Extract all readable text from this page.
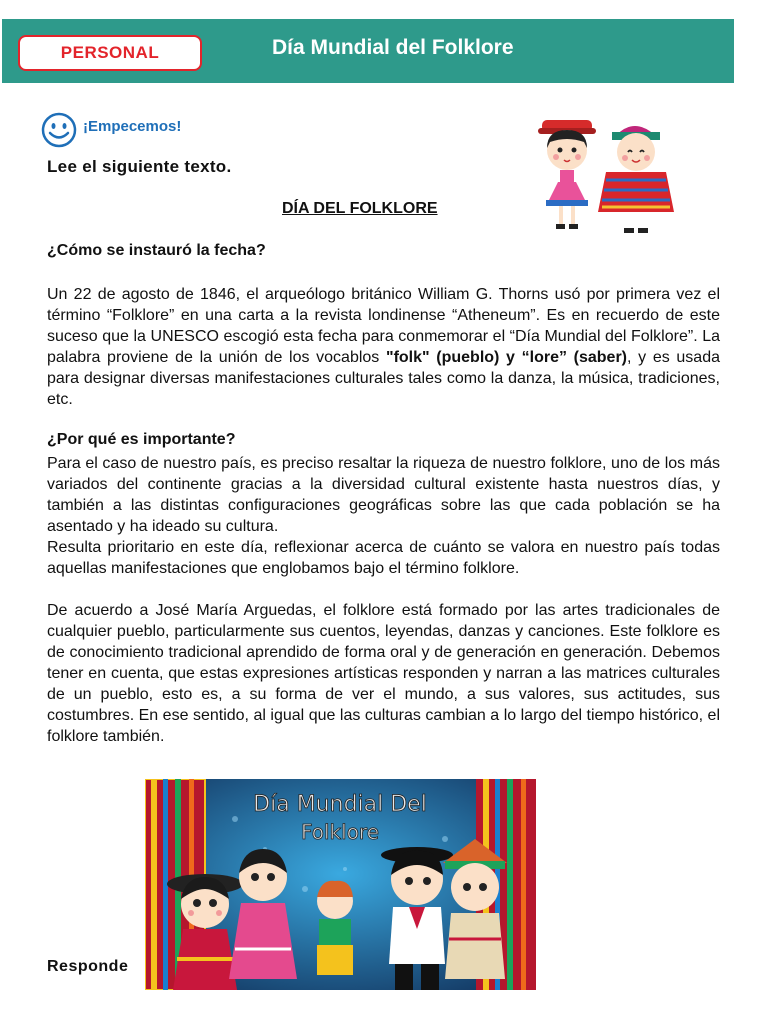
PERSONAL	Día Mundial del Folklore
¡Empecemos!
Lee el siguiente texto.
DÍA DEL FOLKLORE
¿Cómo se instauró la fecha?
Un 22 de agosto de 1846, el arqueólogo británico William G. Thorns usó por primera vez el término “Folklore” en una carta a la revista londinense “Atheneum”. Es en recuerdo de este suceso que la UNESCO escogió esta fecha para conmemorar el “Día Mundial del Folklore”. La palabra proviene de la unión de los vocablos "folk" (pueblo) y “lore” (saber), y es usada para designar diversas manifestaciones culturales tales como la danza, la música, tradiciones, etc.
¿Por qué es importante?
Para el caso de nuestro país, es preciso resaltar la riqueza de nuestro folklore, uno de los más variados del continente gracias a la diversidad cultural existente hasta nuestros días, y también a las distintas configuraciones geográficas sobre las que cada población se ha asentado y ha ideado su cultura.
Resulta prioritario en este día, reflexionar acerca de cuánto se valora en nuestro país todas aquellas manifestaciones que englobamos bajo el término folklore.
De acuerdo a José María Arguedas, el folklore está formado por las artes tradicionales de cualquier pueblo, particularmente sus cuentos, leyendas, danzas y canciones. Este folklore es de conocimiento tradicional aprendido de forma oral y de generación en generación. Debemos tener en cuenta, que estas expresiones artísticas responden y narran a las matrices culturales de un pueblo, esto es, a su forma de ver el mundo, a sus valores, sus actitudes, sus costumbres. En ese sentido, al igual que las culturas cambian a lo largo del tiempo histórico, el folklore también.
Día Mundial Del
Folklore
Responde
